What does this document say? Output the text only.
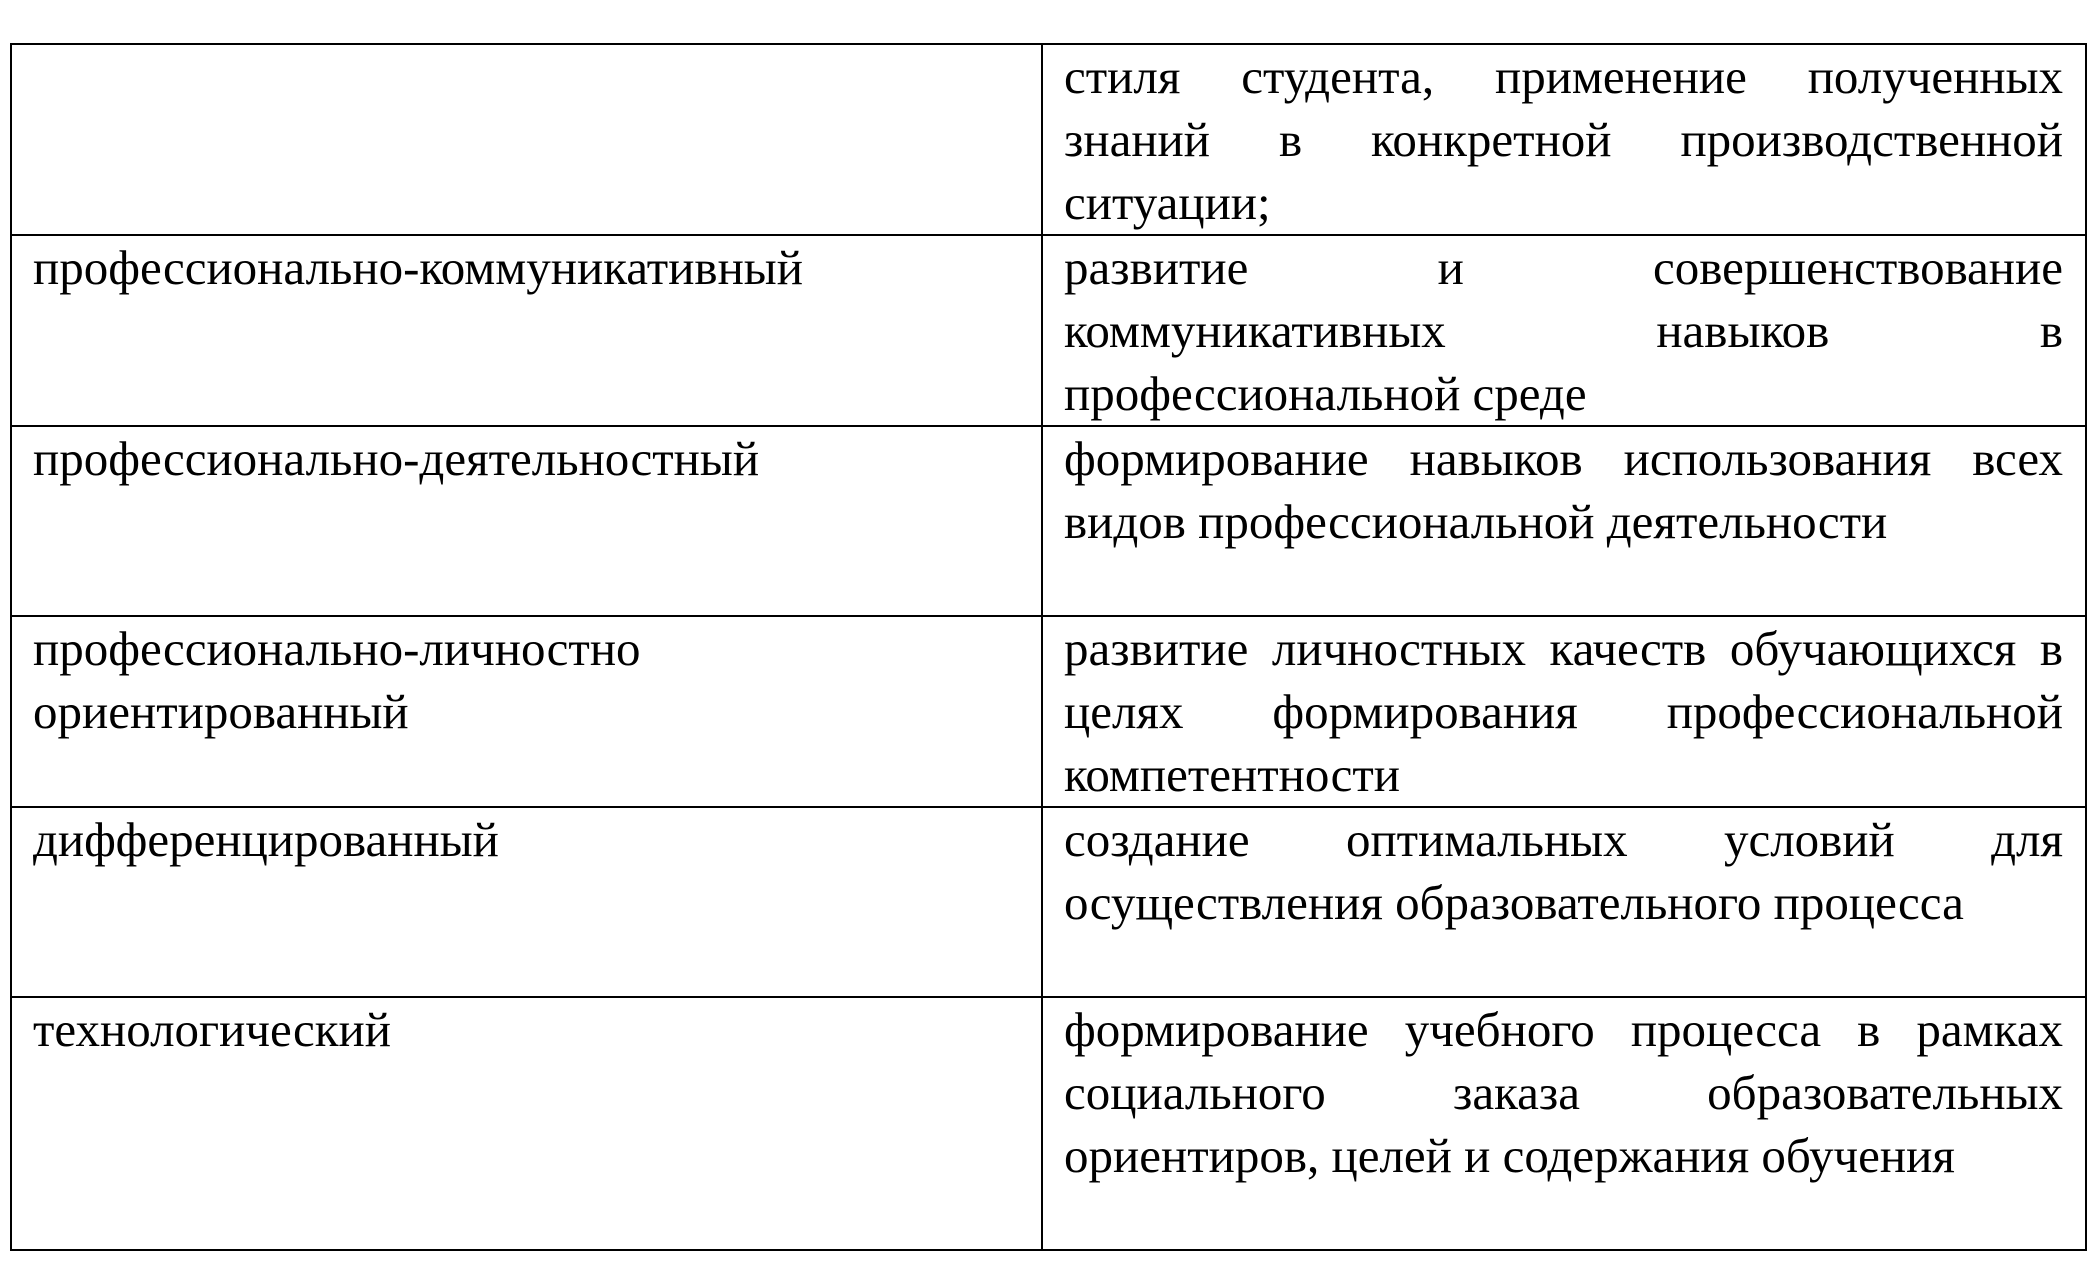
	стиля студента, применение полученных знаний в конкретной производственной ситуации;

профессионально-коммуникативный	развитие и совершенствование коммуникативных навыков в профессиональной среде

профессионально-деятельностный	формирование навыков использования всех видов профессиональной деятельности

профессионально-личностно ориентированный	развитие личностных качеств обучающихся в целях формирования профессиональной компетентности

дифференцированный	создание оптимальных условий для осуществления образовательного процесса

технологический	формирование учебного процесса в рамках социального заказа образовательных ориентиров, целей и содержания обучения
